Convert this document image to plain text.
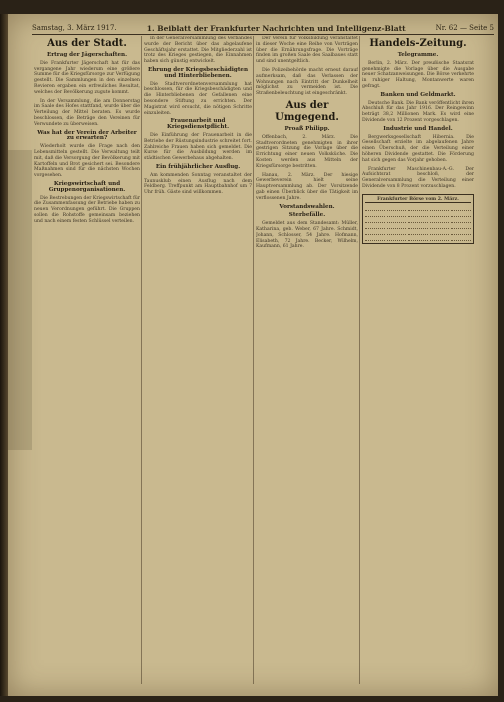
Samstag, 3. März 1917.	1. Beiblatt der Frankfurter Nachrichten und Intelligenz-Blatt	Nr. 62 — Seite 5
Aus der Stadt.
Ertrag der Jägerschaften.

Die Frankfurter Jägerschaft hat für das vergangene Jahr wiederum eine größere Summe für die Kriegsfürsorge zur Verfügung gestellt. Die Sammlungen in den einzelnen Revieren ergaben ein erfreuliches Resultat, welches der Bevölkerung zugute kommt.

In der Versammlung, die am Donnerstag im Saale des Hofes stattfand, wurde über die Verteilung der Mittel beraten. Es wurde beschlossen, die Beträge den Vereinen für Verwundete zu überweisen.

Was hat der Verein der Arbeiter zu erwarten?

Wiederholt wurde die Frage nach den Lebensmitteln gestellt. Die Verwaltung teilt mit, daß die Versorgung der Bevölkerung mit Kartoffeln und Brot gesichert sei. Besondere Maßnahmen sind für die nächsten Wochen vorgesehen.

Kriegswirtschaft und Gruppenorganisationen.

Die Bestrebungen der Kriegswirtschaft für die Zusammenfassung der Betriebe haben zu neuen Verordnungen geführt. Die Gruppen sollen die Rohstoffe gemeinsam beziehen und nach einem festen Schlüssel verteilen.

In der Generalversammlung des Verbandes wurde der Bericht über das abgelaufene Geschäftsjahr erstattet. Die Mitgliederzahl ist trotz des Krieges gestiegen, die Einnahmen haben sich günstig entwickelt.

Ehrung der Kriegsbeschädigten und Hinterbliebenen.

Die Stadtverordnetenversammlung hat beschlossen, für die Kriegsbeschädigten und die Hinterbliebenen der Gefallenen eine besondere Stiftung zu errichten. Der Magistrat wird ersucht, die nötigen Schritte einzuleiten.

Frauenarbeit und Kriegsdienstpflicht.

Die Einführung der Frauenarbeit in die Betriebe der Rüstungsindustrie schreitet fort. Zahlreiche Frauen haben sich gemeldet. Die Kurse für die Ausbildung werden im städtischen Gewerbehaus abgehalten.

Ein frühjährlicher Ausflug.

Am kommenden Sonntag veranstaltet der Taunusklub einen Ausflug nach dem Feldberg. Treffpunkt am Hauptbahnhof um 7 Uhr früh. Gäste sind willkommen.

Der Verein für Volksbildung veranstaltet in dieser Woche eine Reihe von Vorträgen über die Ernährungsfrage. Die Vorträge finden im großen Saale des Saalbaues statt und sind unentgeltlich.

Die Polizeibehörde macht erneut darauf aufmerksam, daß das Verlassen der Wohnungen nach Eintritt der Dunkelheit möglichst zu vermeiden ist. Die Straßenbeleuchtung ist eingeschränkt.

Aus der Umgegend.
Proaß Philipp.

Offenbach, 2. März. Die Stadtverordneten genehmigten in ihrer gestrigen Sitzung die Vorlage über die Errichtung einer neuen Volksküche. Die Kosten werden aus Mitteln der Kriegsfürsorge bestritten.

Hanau, 2. März. Der hiesige Gewerbeverein hielt seine Hauptversammlung ab. Der Vorsitzende gab einen Überblick über die Tätigkeit im verflossenen Jahre.

Vorstandswahlen.
Sterbefälle.

Gemeldet aus dem Standesamt: Müller, Katharina, geb. Weber, 67 Jahre. Schmidt, Johann, Schlosser, 54 Jahre. Hofmann, Elisabeth, 72 Jahre. Becker, Wilhelm, Kaufmann, 61 Jahre.

Handels-Zeitung.
Telegramme.

Berlin, 2. März. Der preußische Staatsrat genehmigte die Vorlage über die Ausgabe neuer Schatzanweisungen. Die Börse verkehrte in ruhiger Haltung, Montanwerte waren gefragt.

Banken und Geldmarkt.

Deutsche Bank. Die Bank veröffentlicht ihren Abschluß für das Jahr 1916. Der Reingewinn beträgt 38,2 Millionen Mark. Es wird eine Dividende von 12 Prozent vorgeschlagen.

Industrie und Handel.

Bergwerksgesellschaft Hibernia. Die Gesellschaft erzielte im abgelaufenen Jahre einen Überschuß, der die Verteilung einer höheren Dividende gestattet. Die Förderung hat sich gegen das Vorjahr gehoben.

Frankfurter Maschinenbau-A.-G. Der Aufsichtsrat beschloß, der Generalversammlung die Verteilung einer Dividende von 8 Prozent vorzuschlagen.

Frankfurter Börse vom 2. März.
